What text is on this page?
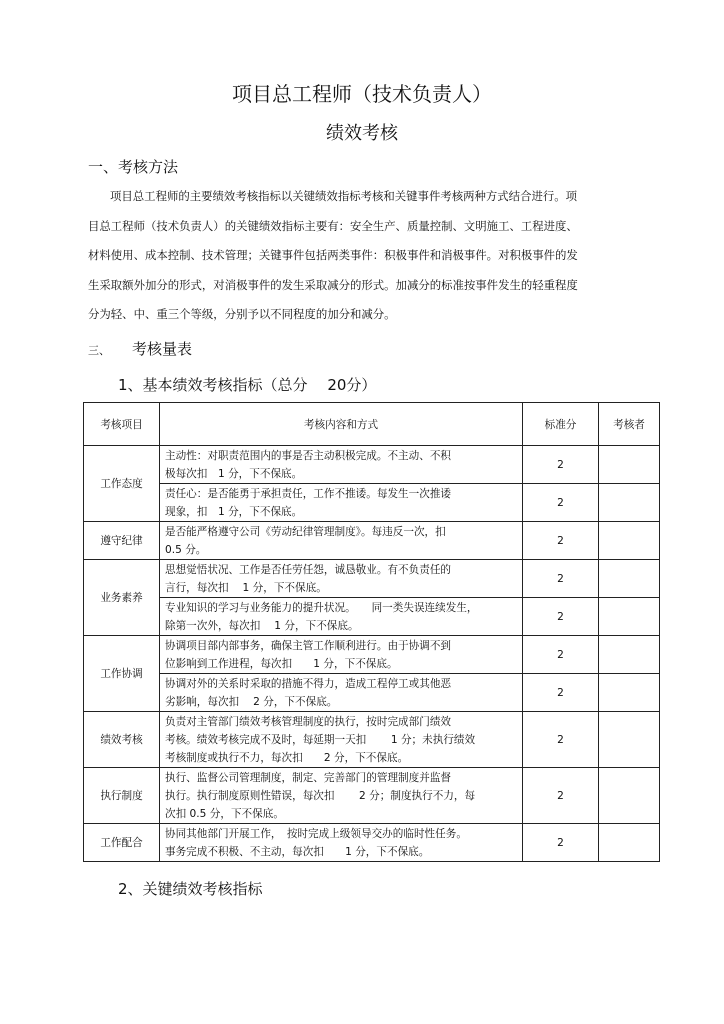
项目总工程师（技术负责人）
绩效考核
一、考核方法
项目总工程师的主要绩效考核指标以关键绩效指标考核和关键事件考核两种方式结合进行。项
目总工程师（技术负责人）的关键绩效指标主要有：安全生产、质量控制、文明施工、工程进度、
材料使用、成本控制、技术管理；关键事件包括两类事件：积极事件和消极事件。对积极事件的发
生采取额外加分的形式，对消极事件的发生采取减分的形式。加减分的标准按事件发生的轻重程度
分为轻、中、重三个等级，分别予以不同程度的加分和减分。
三、 考核量表
1、基本绩效考核指标（总分　 20分）
考核项目	考核内容和方式	标准分	考核者
工作态度	主动性：对职责范围内的事是否主动积极完成。不主动、不积
极每次扣　1 分，下不保底。	2	

	责任心：是否能勇于承担责任，工作不推诿。每发生一次推诿
现象，扣　1 分，下不保底。	2	
遵守纪律	是否能严格遵守公司《劳动纪律管理制度》。每违反一次，扣
0.5 分。	2	
业务素养	思想觉悟状况、工作是否任劳任怨，诚恳敬业。有不负责任的
言行，每次扣　 1 分，下不保底。	2	

	专业知识的学习与业务能力的提升状况。　　同一类失误连续发生，
除第一次外，每次扣　 1 分，下不保底。	2	
工作协调	协调项目部内部事务，确保主管工作顺利进行。由于协调不到
位影响到工作进程，每次扣　　1 分，下不保底。	2	

	协调对外的关系时采取的措施不得力，造成工程停工或其他恶
劣影响，每次扣　 2 分，下不保底。	2	
绩效考核	负责对主管部门绩效考核管理制度的执行，按时完成部门绩效
考核。绩效考核完成不及时，每延期一天扣　　 1 分；未执行绩效
考核制度或执行不力，每次扣　　2 分，下不保底。	2	
执行制度	执行、监督公司管理制度，制定、完善部门的管理制度并监督
执行。执行制度原则性错误，每次扣　　 2 分；制度执行不力，每
次扣 0.5 分，下不保底。	2	
工作配合	协同其他部门开展工作，　按时完成上级领导交办的临时性任务。
事务完成不积极、不主动，每次扣　　1 分，下不保底。	2	
2、关键绩效考核指标
